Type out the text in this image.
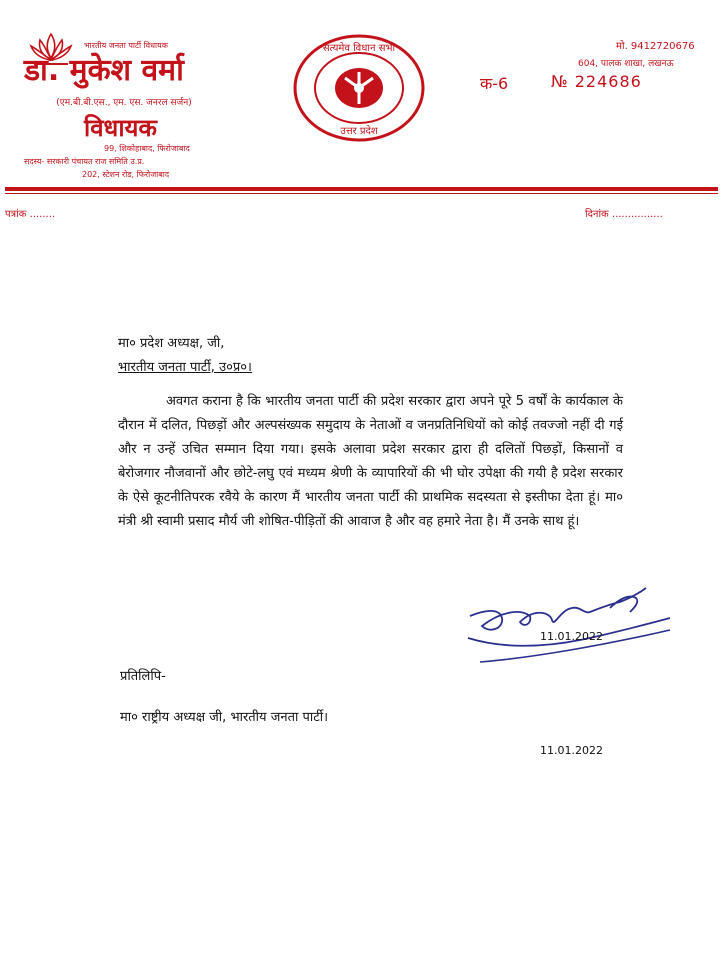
भारतीय जनता पार्टी विधायक
डा. मुकेश वर्मा
(एम.बी.बी.एस., एम. एस. जनरल सर्जन)
विधायक
99, शिकोहाबाद, फिरोजाबाद
सदस्य- सरकारी पंचायत राज समिति उ.प्र.
202, स्टेशन रोड, फिरोजाबाद
सत्यमेव विधान सभा
उत्तर प्रदेश
मो. 9412720676
604, पालक शाखा, लखनऊ
क-6	№ 224686
पत्रांक ........	दिनांक ................
मा० प्रदेश अध्यक्ष, जी,
भारतीय जनता पार्टी, उ०प्र०।
अवगत कराना है कि भारतीय जनता पार्टी की प्रदेश सरकार द्वारा अपने पूरे 5 वर्षों के कार्यकाल के दौरान में दलित, पिछड़ों और अल्पसंख्यक समुदाय के नेताओं व जनप्रतिनिधियों को कोई तवज्जो नहीं दी गई और न उन्हें उचित सम्मान दिया गया। इसके अलावा प्रदेश सरकार द्वारा ही दलितों पिछड़ों, किसानों व बेरोजगार नौजवानों और छोटे-लघु एवं मध्यम श्रेणी के व्यापारियों की भी घोर उपेक्षा की गयी है प्रदेश सरकार के ऐसे कूटनीतिपरक रवैये के कारण मैं भारतीय जनता पार्टी की प्राथमिक सदस्यता से इस्तीफा देता हूं। मा० मंत्री श्री स्वामी प्रसाद मौर्य जी शोषित-पीड़ितों की आवाज है और वह हमारे नेता है। मैं उनके साथ हूं।
11.01.2022
प्रतिलिपि-
मा० राष्ट्रीय अध्यक्ष जी, भारतीय जनता पार्टी।
11.01.2022
